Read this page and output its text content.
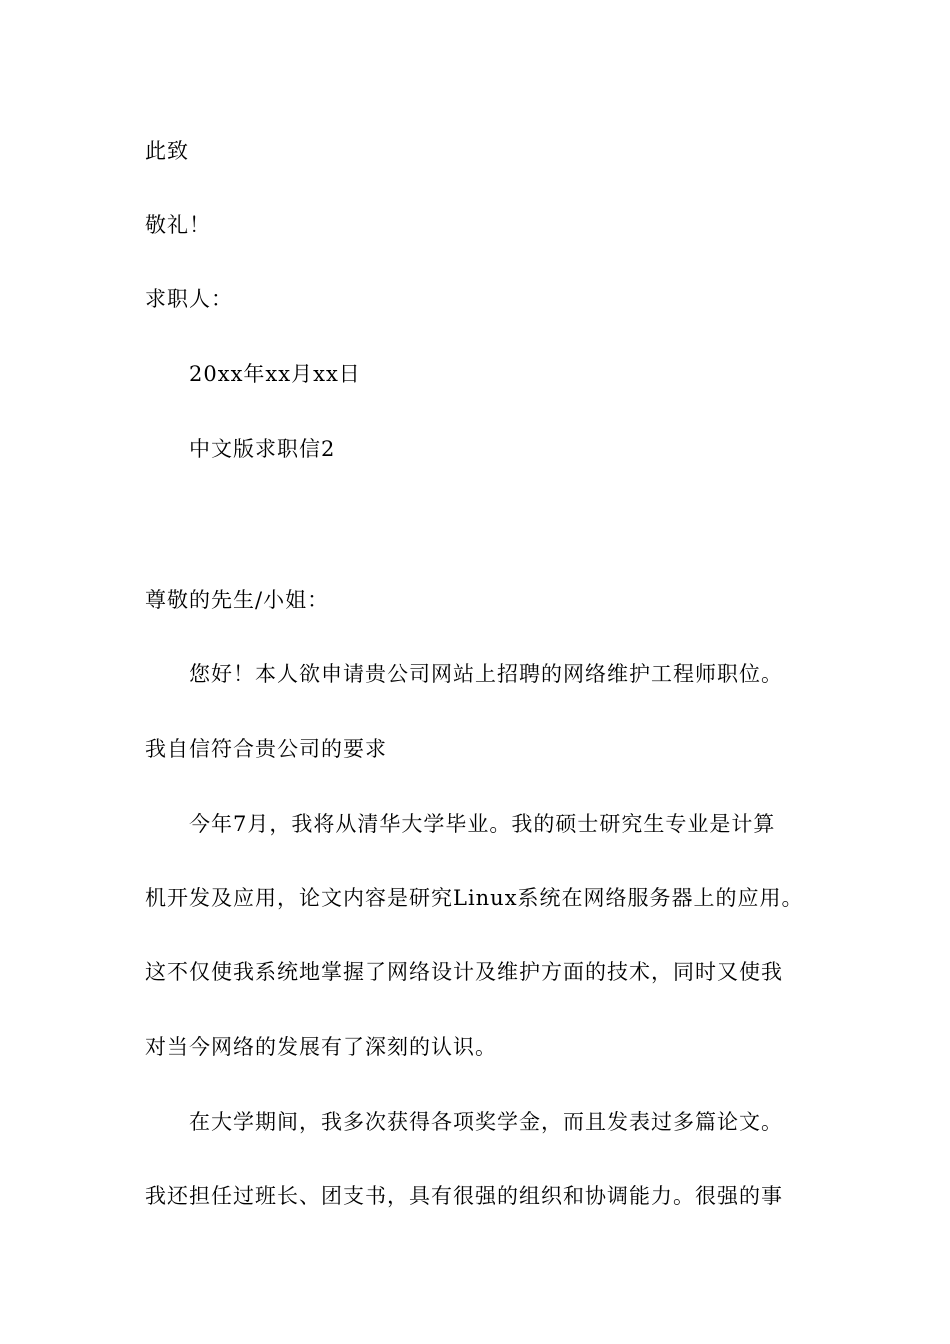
此致
敬礼！
求职人：
20xx年xx月xx日
中文版求职信2
尊敬的先生/小姐：
您好！本人欲申请贵公司网站上招聘的网络维护工程师职位。
我自信符合贵公司的要求
今年7月，我将从清华大学毕业。我的硕士研究生专业是计算
机开发及应用，论文内容是研究Linux系统在网络服务器上的应用。
这不仅使我系统地掌握了网络设计及维护方面的技术，同时又使我
对当今网络的发展有了深刻的认识。
在大学期间，我多次获得各项奖学金，而且发表过多篇论文。
我还担任过班长、团支书，具有很强的组织和协调能力。很强的事
